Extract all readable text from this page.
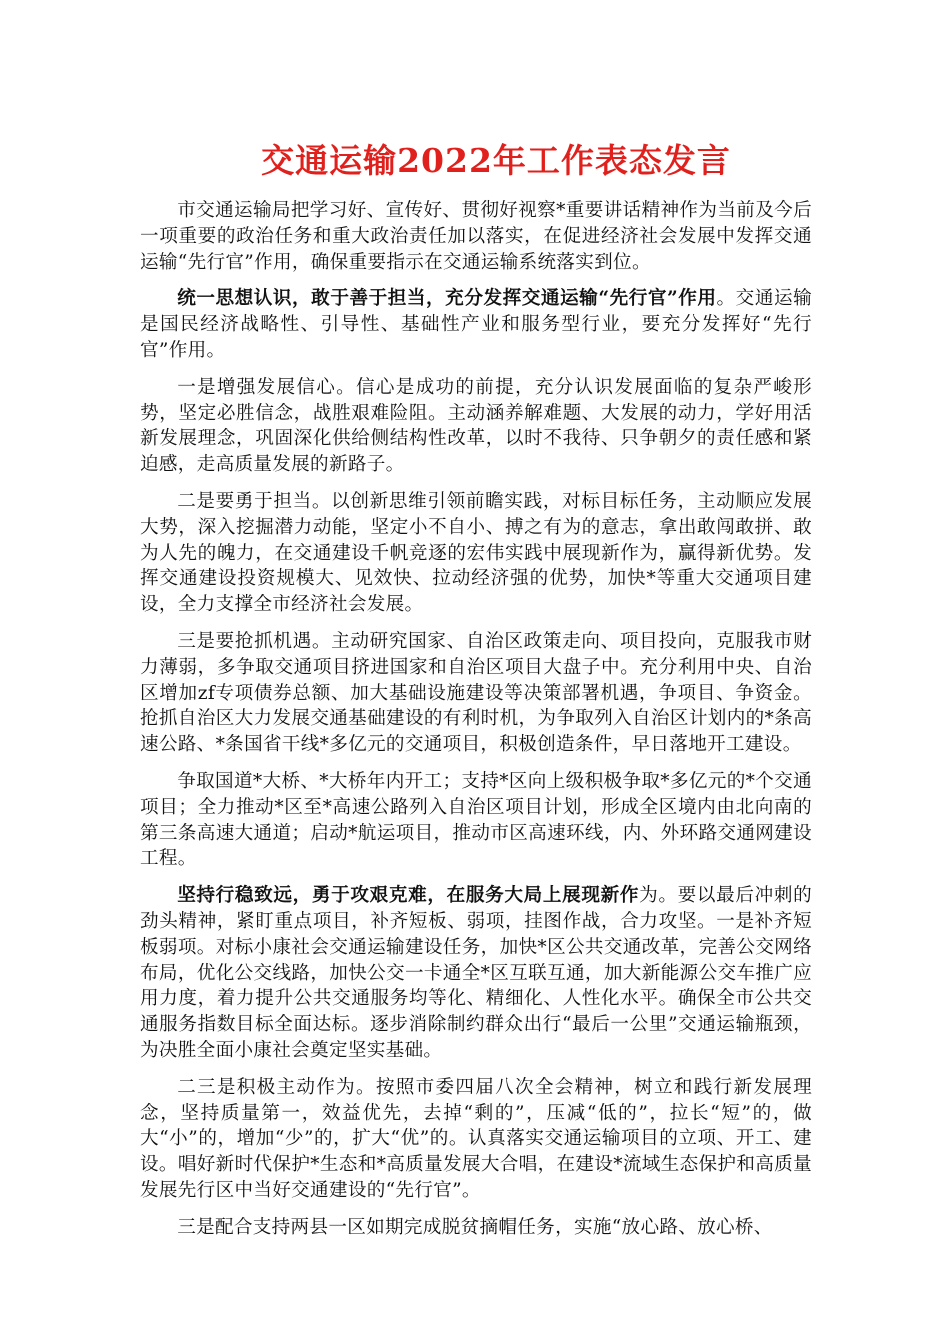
交通运输2022年工作表态发言

市交通运输局把学习好、宣传好、贯彻好视察*重要讲话精神作为当前及今后一项重要的政治任务和重大政治责任加以落实，在促进经济社会发展中发挥交通运输“先行官”作用，确保重要指示在交通运输系统落实到位。

统一思想认识，敢于善于担当，充分发挥交通运输“先行官”作用。交通运输是国民经济战略性、引导性、基础性产业和服务型行业，要充分发挥好“先行官”作用。

一是增强发展信心。信心是成功的前提，充分认识发展面临的复杂严峻形势，坚定必胜信念，战胜艰难险阻。主动涵养解难题、大发展的动力，学好用活新发展理念，巩固深化供给侧结构性改革，以时不我待、只争朝夕的责任感和紧迫感，走高质量发展的新路子。

二是要勇于担当。以创新思维引领前瞻实践，对标目标任务，主动顺应发展大势，深入挖掘潜力动能，坚定小不自小、搏之有为的意志，拿出敢闯敢拼、敢为人先的魄力，在交通建设千帆竞逐的宏伟实践中展现新作为，赢得新优势。发挥交通建设投资规模大、见效快、拉动经济强的优势，加快*等重大交通项目建设，全力支撑全市经济社会发展。

三是要抢抓机遇。主动研究国家、自治区政策走向、项目投向，克服我市财力薄弱，多争取交通项目挤进国家和自治区项目大盘子中。充分利用中央、自治区增加zf专项债券总额、加大基础设施建设等决策部署机遇，争项目、争资金。抢抓自治区大力发展交通基础建设的有利时机，为争取列入自治区计划内的*条高速公路、*条国省干线*多亿元的交通项目，积极创造条件，早日落地开工建设。

争取国道*大桥、*大桥年内开工；支持*区向上级积极争取*多亿元的*个交通项目；全力推动*区至*高速公路列入自治区项目计划，形成全区境内由北向南的第三条高速大通道；启动*航运项目，推动市区高速环线，内、外环路交通网建设工程。

坚持行稳致远，勇于攻艰克难，在服务大局上展现新作为。要以最后冲刺的劲头精神，紧盯重点项目，补齐短板、弱项，挂图作战，合力攻坚。一是补齐短板弱项。对标小康社会交通运输建设任务，加快*区公共交通改革，完善公交网络布局，优化公交线路，加快公交一卡通全*区互联互通，加大新能源公交车推广应用力度，着力提升公共交通服务均等化、精细化、人性化水平。确保全市公共交通服务指数目标全面达标。逐步消除制约群众出行“最后一公里”交通运输瓶颈，为决胜全面小康社会奠定坚实基础。

二三是积极主动作为。按照市委四届八次全会精神，树立和践行新发展理念，坚持质量第一，效益优先，去掉“剩的”，压减“低的”，拉长“短”的，做大“小”的，增加“少”的，扩大“优”的。认真落实交通运输项目的立项、开工、建设。唱好新时代保护*生态和*高质量发展大合唱，在建设*流域生态保护和高质量发展先行区中当好交通建设的“先行官”。

三是配合支持两县一区如期完成脱贫摘帽任务，实施“放心路、放心桥、
